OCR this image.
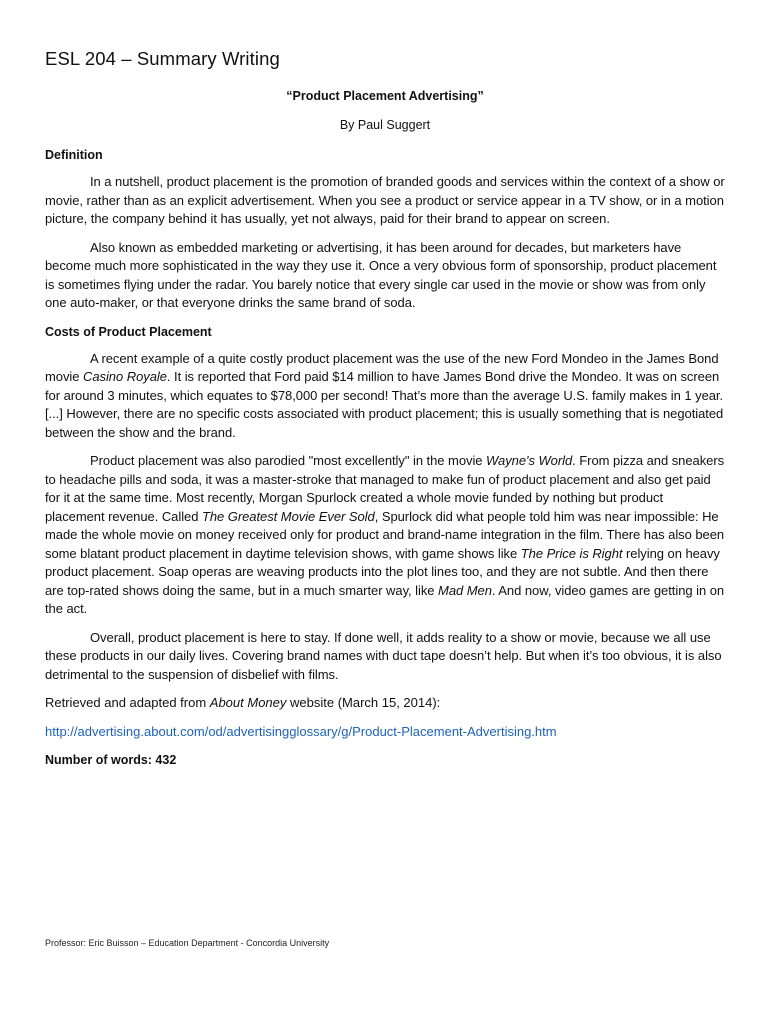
ESL 204 – Summary Writing
“Product Placement Advertising”
By Paul Suggert
Definition

In a nutshell, product placement is the promotion of branded goods and services within the context of a show or movie, rather than as an explicit advertisement. When you see a product or service appear in a TV show, or in a motion picture, the company behind it has usually, yet not always, paid for their brand to appear on screen.

Also known as embedded marketing or advertising, it has been around for decades, but marketers have become much more sophisticated in the way they use it. Once a very obvious form of sponsorship, product placement is sometimes flying under the radar. You barely notice that every single car used in the movie or show was from only one auto-maker, or that everyone drinks the same brand of soda.

Costs of Product Placement

A recent example of a quite costly product placement was the use of the new Ford Mondeo in the James Bond movie Casino Royale. It is reported that Ford paid $14 million to have James Bond drive the Mondeo. It was on screen for around 3 minutes, which equates to $78,000 per second! That’s more than the average U.S. family makes in 1 year. [...] However, there are no specific costs associated with product placement; this is usually something that is negotiated between the show and the brand.

Product placement was also parodied "most excellently" in the movie Wayne's World. From pizza and sneakers to headache pills and soda, it was a master-stroke that managed to make fun of product placement and also get paid for it at the same time. Most recently, Morgan Spurlock created a whole movie funded by nothing but product placement revenue. Called The Greatest Movie Ever Sold, Spurlock did what people told him was near impossible: He made the whole movie on money received only for product and brand-name integration in the film. There has also been some blatant product placement in daytime television shows, with game shows like The Price is Right relying on heavy product placement. Soap operas are weaving products into the plot lines too, and they are not subtle. And then there are top-rated shows doing the same, but in a much smarter way, like Mad Men. And now, video games are getting in on the act.

Overall, product placement is here to stay. If done well, it adds reality to a show or movie, because we all use these products in our daily lives. Covering brand names with duct tape doesn’t help. But when it’s too obvious, it is also detrimental to the suspension of disbelief with films.

Retrieved and adapted from About Money website (March 15, 2014):

http://advertising.about.com/od/advertisingglossary/g/Product-Placement-Advertising.htm

Number of words: 432

Professor: Eric Buisson – Education Department - Concordia University
